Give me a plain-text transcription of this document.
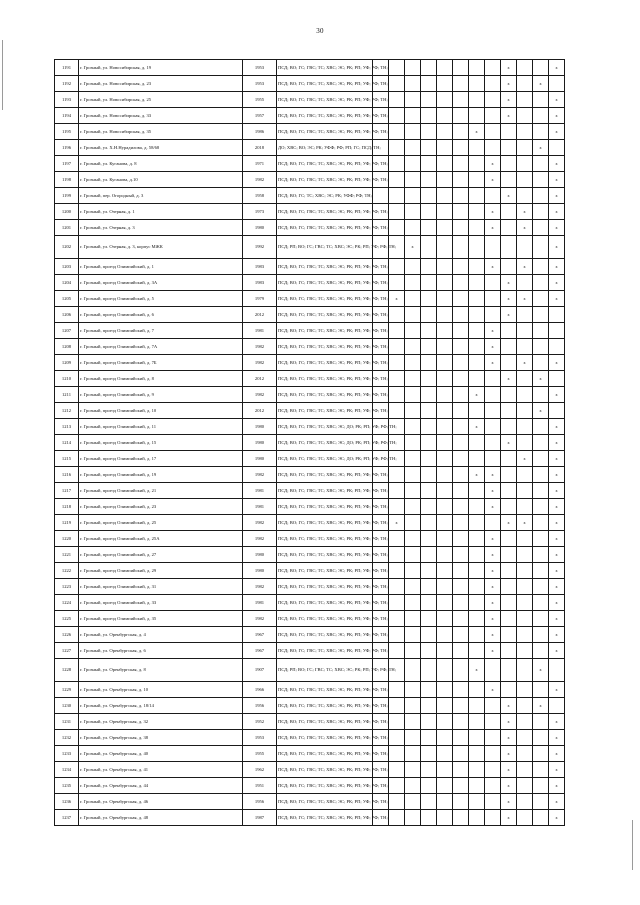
30
1191	г. Грозный, ул. Новосибирская, д. 19	1953	ПСД; ВО; ГС; ГВС; ТС; ХВС; ЭС; РК; РП; УФ; РФ; ТН;									x			x
1192	г. Грозный, ул. Новосибирская, д. 23	1953	ПСД; ВО; ГС; ГВС; ТС; ХВС; ЭС; РК; РП; УФ; РФ; ТН;									x		x	
1193	г. Грозный, ул. Новосибирская, д. 25	1955	ПСД; ВО; ГС; ГВС; ТС; ХВС; ЭС; РК; РП; УФ; РФ; ТН;									x			x
1194	г. Грозный, ул. Новосибирская, д. 33	1957	ПСД; ВО; ГС; ГВС; ТС; ХВС; ЭС; РК; РП; УФ; РФ; ТН;									x			x
1195	г. Грозный, ул. Новосибирская, д. 35	1986	ПСД; ВО; ГС; ГВС; ТС; ХВС; ЭС; РК; РП; УФ; РФ; ТН;							x					x
1196	г. Грозный, ул. Х.Н.Нурадилова, д. 58/68	2018	ДО; ХВС; ВО; ЭС; РК; УФФ; РФ; РП; ГС; ПСД; ТН;											x	
1197	г. Грозный, ул. Куганова, д. 8	1971	ПСД; ВО; ГС; ГВС; ТС; ХВС; ЭС; РК; РП; УФ; РФ; ТН;								x				x
1198	г. Грозный, ул. Куганова, д.10	1982	ПСД; ВО; ГС; ГВС; ТС; ХВС; ЭС; РК; РП; УФ; РФ; ТН;								x				x
1199	г. Грозный, пер. Огородный, д. 3	1958	ПСД; ВО; ГС; ТС; ХВС; ЭС; РК; УФФ; РФ; ТН;									x			x
1200	г. Грозный, ул. Озерная, д. 1	1973	ПСД; ВО; ГС; ГВС; ТС; ХВС; ЭС; РК; РП; УФ; РФ; ТН;								x		x		x
1201	г. Грозный, ул. Озерная, д. 3	1980	ПСД; ВО; ГС; ГВС; ТС; ХВС; ЭС; РК; РП; УФ; РФ; ТН;								x		x		x
1202	г. Грозный, ул. Озерная, д. 3, корпус МЖК	1992	ПСД; РП; ВО; ГС; ГВС; ТС; ХВС; ЭС; РК; РП; УФ; РФ; ТН;			x									x
1203	г. Грозный, проезд Олимпийский, д. 1	1983	ПСД; ВО; ГС; ГВС; ТС; ХВС; ЭС; РК; РП; УФ; РФ; ТН;								x		x		x
1204	г. Грозный, проезд Олимпийский, д. 3А	1983	ПСД; ВО; ГС; ГВС; ТС; ХВС; ЭС; РК; РП; УФ; РФ; ТН;									x			x
1205	г. Грозный, проезд Олимпийский, д. 5	1979	ПСД; ВО; ГС; ГВС; ТС; ХВС; ЭС; РК; РП; УФ; РФ; ТН;		x							x	x		x
1206	г. Грозный, проезд Олимпийский, д. 6	2012	ПСД; ВО; ГС; ГВС; ТС; ХВС; ЭС; РК; РП; УФ; РФ; ТН;									x			
1207	г. Грозный, проезд Олимпийский, д. 7	1981	ПСД; ВО; ГС; ГВС; ТС; ХВС; ЭС; РК; РП; УФ; РФ; ТН;								x				
1208	г. Грозный, проезд Олимпийский, д. 7А	1982	ПСД; ВО; ГС; ГВС; ТС; ХВС; ЭС; РК; РП; УФ; РФ; ТН;								x				
1209	г. Грозный, проезд Олимпийский, д. 7Б	1982	ПСД; ВО; ГС; ГВС; ТС; ХВС; ЭС; РК; РП; УФ; РФ; ТН;								x		x		x
1210	г. Грозный, проезд Олимпийский, д. 8	2012	ПСД; ВО; ГС; ГВС; ТС; ХВС; ЭС; РК; РП; УФ; РФ; ТН;									x		x	
1211	г. Грозный, проезд Олимпийский, д. 9	1982	ПСД; ВО; ГС; ГВС; ТС; ХВС; ЭС; РК; РП; УФ; РФ; ТН;							x					x
1212	г. Грозный, проезд Олимпийский, д. 10	2012	ПСД; ВО; ГС; ГВС; ТС; ХВС; ЭС; РК; РП; УФ; РФ; ТН;											x	
1213	г. Грозный, проезд Олимпийский, д. 11	1980	ПСД; ВО; ГС; ГВС; ТС; ХВС; ЭС; ДО; РК; РП; УФ; РФ; ТН;							x					x
1214	г. Грозный, проезд Олимпийский, д. 15	1980	ПСД; ВО; ГС; ГВС; ТС; ХВС; ЭС; ДО; РК; РП; УФ; РФ; ТН;									x			x
1215	г. Грозный, проезд Олимпийский, д. 17	1980	ПСД; ВО; ГС; ГВС; ТС; ХВС; ЭС; ДО; РК; РП; УФ; РФ; ТН;										x		x
1216	г. Грозный, проезд Олимпийский, д. 19	1982	ПСД; ВО; ГС; ГВС; ТС; ХВС; ЭС; РК; РП; УФ; РФ; ТН;							x	x				x
1217	г. Грозный, проезд Олимпийский, д. 21	1981	ПСД; ВО; ГС; ГВС; ТС; ХВС; ЭС; РК; РП; УФ; РФ; ТН;								x				x
1218	г. Грозный, проезд Олимпийский, д. 23	1981	ПСД; ВО; ГС; ГВС; ТС; ХВС; ЭС; РК; РП; УФ; РФ; ТН;								x				x
1219	г. Грозный, проезд Олимпийский, д. 25	1982	ПСД; ВО; ГС; ГВС; ТС; ХВС; ЭС; РК; РП; УФ; РФ; ТН;		x							x	x		x
1220	г. Грозный, проезд Олимпийский, д. 25А	1982	ПСД; ВО; ГС; ГВС; ТС; ХВС; ЭС; РК; РП; УФ; РФ; ТН;								x				x
1221	г. Грозный, проезд Олимпийский, д. 27	1980	ПСД; ВО; ГС; ГВС; ТС; ХВС; ЭС; РК; РП; УФ; РФ; ТН;								x				x
1222	г. Грозный, проезд Олимпийский, д. 29	1980	ПСД; ВО; ГС; ГВС; ТС; ХВС; ЭС; РК; РП; УФ; РФ; ТН;								x				x
1223	г. Грозный, проезд Олимпийский, д. 31	1982	ПСД; ВО; ГС; ГВС; ТС; ХВС; ЭС; РК; РП; УФ; РФ; ТН;								x				x
1224	г. Грозный, проезд Олимпийский, д. 33	1981	ПСД; ВО; ГС; ГВС; ТС; ХВС; ЭС; РК; РП; УФ; РФ; ТН;								x				x
1225	г. Грозный, проезд Олимпийский, д. 35	1982	ПСД; ВО; ГС; ГВС; ТС; ХВС; ЭС; РК; РП; УФ; РФ; ТН;								x				x
1226	г. Грозный, ул. Оренбургская, д. 4	1967	ПСД; ВО; ГС; ГВС; ТС; ХВС; ЭС; РК; РП; УФ; РФ; ТН;								x				x
1227	г. Грозный, ул. Оренбургская, д. 6	1967	ПСД; ВО; ГС; ГВС; ТС; ХВС; ЭС; РК; РП; УФ; РФ; ТН;								x				x
1228	г. Грозный, ул. Оренбургская, д. 8	1907	ПСД; РП; ВО; ГС; ГВС; ТС; ХВС; ЭС; РК; РП; УФ; РФ; ТН;							x				x	
1229	г. Грозный, ул. Оренбургская, д. 10	1966	ПСД; ВО; ГС; ГВС; ТС; ХВС; ЭС; РК; РП; УФ; РФ; ТН;								x				x
1230	г. Грозный, ул. Оренбургская, д. 18/14	1956	ПСД; ВО; ГС; ГВС; ТС; ХВС; ЭС; РК; РП; УФ; РФ; ТН;									x		x	
1231	г. Грозный, ул. Оренбургская, д. 32	1952	ПСД; ВО; ГС; ГВС; ТС; ХВС; ЭС; РК; РП; УФ; РФ; ТН;									x			x
1232	г. Грозный, ул. Оренбургская, д. 38	1953	ПСД; ВО; ГС; ГВС; ТС; ХВС; ЭС; РК; РП; УФ; РФ; ТН;									x			x
1233	г. Грозный, ул. Оренбургская, д. 40	1955	ПСД; ВО; ГС; ГВС; ТС; ХВС; ЭС; РК; РП; УФ; РФ; ТН;									x			x
1234	г. Грозный, ул. Оренбургская, д. 41	1962	ПСД; ВО; ГС; ГВС; ТС; ХВС; ЭС; РК; РП; УФ; РФ; ТН;									x			x
1235	г. Грозный, ул. Оренбургская, д. 44	1951	ПСД; ВО; ГС; ГВС; ТС; ХВС; ЭС; РК; РП; УФ; РФ; ТН;									x			x
1236	г. Грозный, ул. Оренбургская, д. 46	1956	ПСД; ВО; ГС; ГВС; ТС; ХВС; ЭС; РК; РП; УФ; РФ; ТН;									x			x
1237	г. Грозный, ул. Оренбургская, д. 48	1987	ПСД; ВО; ГС; ГВС; ТС; ХВС; ЭС; РК; РП; УФ; РФ; ТН;									x			x
